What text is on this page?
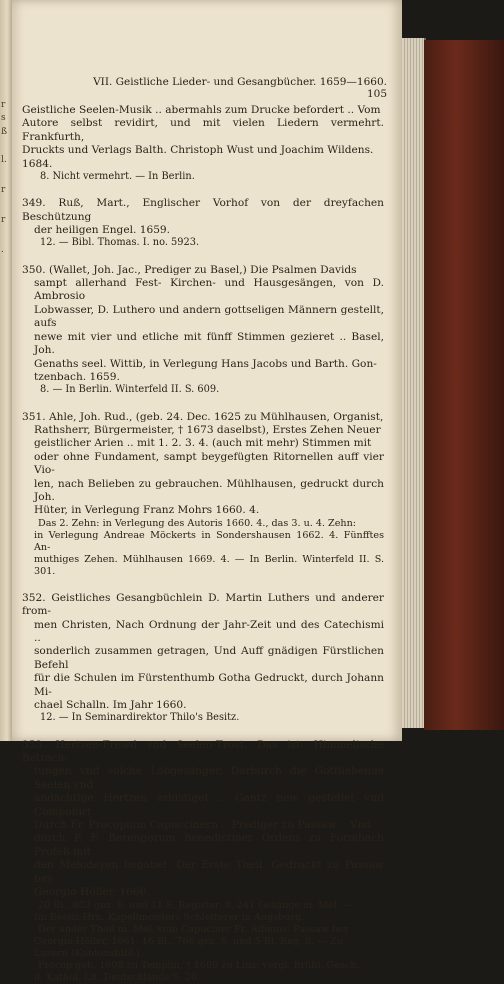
r
s
ß
l.
r
r
.
VII. Geistliche Lieder- und Gesangbücher. 1659—1660. 105
Geistliche Seelen-Musik .. abermahls zum Drucke befordert .. Vom
Autore selbst revidirt, und mit vielen Liedern vermehrt. Frankfurth,
Druckts und Verlags Balth. Christoph Wust und Joachim Wildens.
1684.
8. Nicht vermehrt. — In Berlin.
349. Ruß, Mart., Englischer Vorhof von der dreyfachen Beschützung
der heiligen Engel. 1659.
12. — Bibl. Thomas. I. no. 5923.
350. (Wallet, Joh. Jac., Prediger zu Basel,) Die Psalmen Davids
sampt allerhand Fest- Kirchen- und Hausgesängen, von D. Ambrosio
Lobwasser, D. Luthero und andern gottseligen Männern gestellt, aufs
newe mit vier und etliche mit fünff Stimmen gezieret .. Basel, Joh.
Genaths seel. Wittib, in Verlegung Hans Jacobs und Barth. Gon-
tzenbach. 1659.
8. — In Berlin. Winterfeld II. S. 609.
351. Ahle, Joh. Rud., (geb. 24. Dec. 1625 zu Mühlhausen, Organist,
Rathsherr, Bürgermeister, † 1673 daselbst), Erstes Zehen Neuer
geistlicher Arien .. mit 1. 2. 3. 4. (auch mit mehr) Stimmen mit
oder ohne Fundament, sampt beygefügten Ritornellen auff vier Vio-
len, nach Belieben zu gebrauchen. Mühlhausen, gedruckt durch Joh.
Hüter, in Verlegung Franz Mohrs 1660. 4.
Das 2. Zehn: in Verlegung des Autoris 1660. 4., das 3. u. 4. Zehn:
in Verlegung Andreae Möckerts in Sondershausen 1662. 4. Fünfftes An-
muthiges Zehen. Mühlhausen 1669. 4. — In Berlin. Winterfeld II. S. 301.
352. Geistliches Gesangbüchlein D. Martin Luthers und anderer from-
men Christen, Nach Ordnung der Jahr-Zeit und des Catechismi ..
sonderlich zusammen getragen, Und Auff gnädigen Fürstlichen Befehl
für die Schulen im Fürstenthumb Gotha Gedruckt, durch Johann Mi-
chael Schalln. Im Jahr 1660.
12. — In Seminardirektor Thilo's Besitz.
353. Hertzen-Frewd vnd Seelen-Trost. Das ist: Himmelische Betrach-
tungen vnd solche Lobgesänger, Darburch die Gottliebende Seelen vnd
andächtige Hertzen erlustiget .. Gantz new gestellet vnd Componirt
Durch Fr. Procopium Capuccinern .. Prediger zu Passaw .. Vnd
durch P. F. Berengerum Benedictiner Ordens zu Formbach Profeß mit
den Melodeyen begabet. Der Erste Theil. Gedruckt zu Passaw bey
Georgio Höller, 1660.
20 Bl., 803 gez. S. und 11 S. Register. 8. 241 Gesänge m. Mel. —
Im Besitz Hrn. Kapellmeisters Schletterer in Augsburg.
Der ander Theil m. Mel. vom Capuciner Fr. Albinus. Passaw bey
Georgio Höller, 1661. 16 Bl., 766 gez. S. und 5 Bl. Reg. 8. — Zu
Luzern (Kantonsbibl.).
Procop geb. 1608 zu Templin, † 1680 zu Linz; vergl. Brühl, Gesch.
d. Kathol. Lit. Deutschlands S. 20.
